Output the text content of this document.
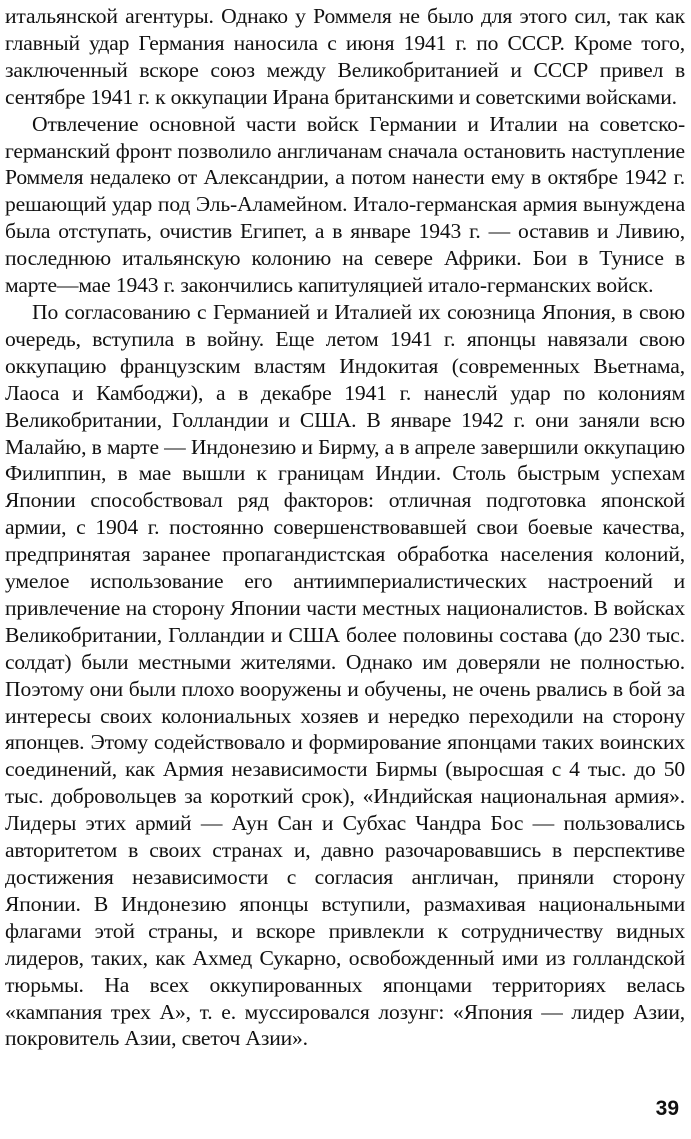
итальянской агентуры. Однако у Роммеля не было для этого сил, так как главный удар Германия наносила с июня 1941 г. по СССР. Кроме того, заключенный вскоре союз между Великобританией и СССР привел в сентябре 1941 г. к оккупации Ирана британскими и советскими войсками.

Отвлечение основной части войск Германии и Италии на советско-германский фронт позволило англичанам сначала остановить наступление Роммеля недалеко от Александрии, а потом нанести ему в октябре 1942 г. решающий удар под Эль-Аламейном. Итало-германская армия вынуждена была отступать, очистив Египет, а в январе 1943 г. — оставив и Ливию, последнюю итальянскую колонию на севере Африки. Бои в Тунисе в марте—мае 1943 г. закончились капитуляцией итало-германских войск.

По согласованию с Германией и Италией их союзница Япония, в свою очередь, вступила в войну. Еще летом 1941 г. японцы навязали свою оккупацию французским властям Индокитая (современных Вьетнама, Лаоса и Камбоджи), а в декабре 1941 г. нанеслй удар по колониям Великобритании, Голландии и США. В январе 1942 г. они заняли всю Малайю, в марте — Индонезию и Бирму, а в апреле завершили оккупацию Филиппин, в мае вышли к границам Индии. Столь быстрым успехам Японии способствовал ряд факторов: отличная подготовка японской армии, с 1904 г. постоянно совершенствовавшей свои боевые качества, предпринятая заранее пропагандистская обработка населения колоний, умелое использование его антиимпериалистических настроений и привлечение на сторону Японии части местных националистов. В войсках Великобритании, Голландии и США более половины состава (до 230 тыс. солдат) были местными жителями. Однако им доверяли не полностью. Поэтому они были плохо вооружены и обучены, не очень рвались в бой за интересы своих колониальных хозяев и нередко переходили на сторону японцев. Этому содействовало и формирование японцами таких воинских соединений, как Армия независимости Бирмы (выросшая с 4 тыс. до 50 тыс. добровольцев за короткий срок), «Индийская национальная армия». Лидеры этих армий — Аун Сан и Субхас Чандра Бос — пользовались авторитетом в своих странах и, давно разочаровавшись в перспективе достижения независимости с согласия англичан, приняли сторону Японии. В Индонезию японцы вступили, размахивая национальными флагами этой страны, и вскоре привлекли к сотрудничеству видных лидеров, таких, как Ахмед Сукарно, освобожденный ими из голландской тюрьмы. На всех оккупированных японцами территориях велась «кампания трех А», т. е. муссировался лозунг: «Япония — лидер Азии, покровитель Азии, светоч Азии».

39
